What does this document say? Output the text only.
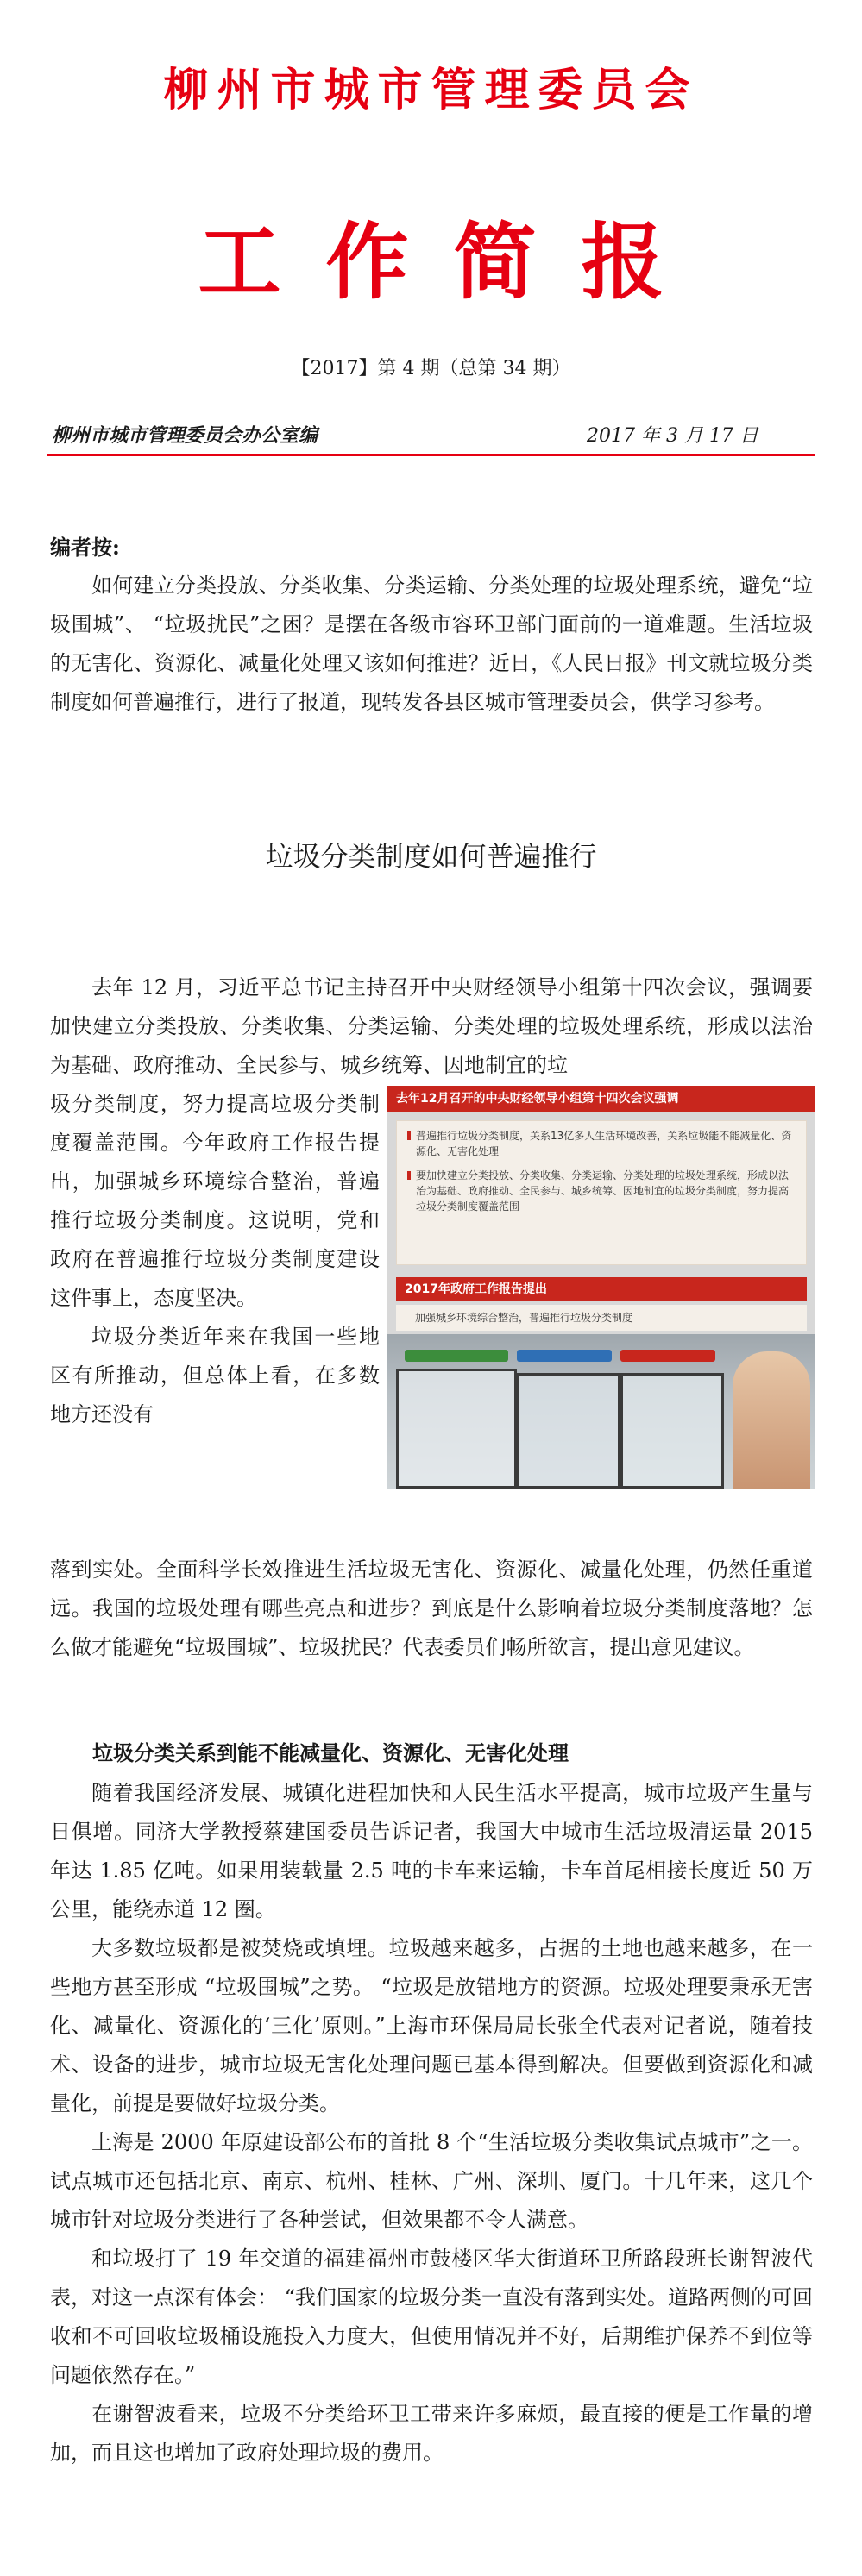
柳州市城市管理委员会
工作简报
【2017】第 4 期（总第 34 期）
柳州市城市管理委员会办公室编	2017 年 3 月 17 日

编者按:

如何建立分类投放、分类收集、分类运输、分类处理的垃圾处理系统，避免“垃圾围城”、 “垃圾扰民”之困？是摆在各级市容环卫部门面前的一道难题。生活垃圾的无害化、资源化、减量化处理又该如何推进？近日，《人民日报》刊文就垃圾分类制度如何普遍推行，进行了报道，现转发各县区城市管理委员会，供学习参考。

垃圾分类制度如何普遍推行

去年 12 月，习近平总书记主持召开中央财经领导小组第十四次会议，强调要加快建立分类投放、分类收集、分类运输、分类处理的垃圾处理系统，形成以法治为基础、政府推动、全民参与、城乡统筹、因地制宜的垃

圾分类制度，努力提高垃圾分类制度覆盖范围。今年政府工作报告提出，加强城乡环境综合整治，普遍推行垃圾分类制度。这说明，党和政府在普遍推行垃圾分类制度建设这件事上，态度坚决。

垃圾分类近年来在我国一些地区有所推动，但总体上看，在多数地方还没有

去年12月召开的中央财经领导小组第十四次会议强调
普遍推行垃圾分类制度，关系13亿多人生活环境改善，关系垃圾能不能减量化、资源化、无害化处理
要加快建立分类投放、分类收集、分类运输、分类处理的垃圾处理系统，形成以法治为基础、政府推动、全民参与、城乡统筹、因地制宜的垃圾分类制度，努力提高垃圾分类制度覆盖范围
2017年政府工作报告提出
加强城乡环境综合整治，普遍推行垃圾分类制度

落到实处。全面科学长效推进生活垃圾无害化、资源化、减量化处理，仍然任重道远。我国的垃圾处理有哪些亮点和进步？到底是什么影响着垃圾分类制度落地？怎么做才能避免“垃圾围城”、垃圾扰民？代表委员们畅所欲言，提出意见建议。

垃圾分类关系到能不能减量化、资源化、无害化处理

随着我国经济发展、城镇化进程加快和人民生活水平提高，城市垃圾产生量与日俱增。同济大学教授蔡建国委员告诉记者，我国大中城市生活垃圾清运量 2015 年达 1.85 亿吨。如果用装载量 2.5 吨的卡车来运输，卡车首尾相接长度近 50 万公里，能绕赤道 12 圈。

大多数垃圾都是被焚烧或填埋。垃圾越来越多，占据的土地也越来越多，在一些地方甚至形成 “垃圾围城”之势。 “垃圾是放错地方的资源。垃圾处理要秉承无害化、减量化、资源化的‘三化’原则。”上海市环保局局长张全代表对记者说，随着技术、设备的进步，城市垃圾无害化处理问题已基本得到解决。但要做到资源化和减量化，前提是要做好垃圾分类。

上海是 2000 年原建设部公布的首批 8 个“生活垃圾分类收集试点城市”之一。试点城市还包括北京、南京、杭州、桂林、广州、深圳、厦门。十几年来，这几个城市针对垃圾分类进行了各种尝试，但效果都不令人满意。

和垃圾打了 19 年交道的福建福州市鼓楼区华大街道环卫所路段班长谢智波代表，对这一点深有体会： “我们国家的垃圾分类一直没有落到实处。道路两侧的可回收和不可回收垃圾桶设施投入力度大，但使用情况并不好，后期维护保养不到位等问题依然存在。”

在谢智波看来，垃圾不分类给环卫工带来许多麻烦，最直接的便是工作量的增加，而且这也增加了政府处理垃圾的费用。
